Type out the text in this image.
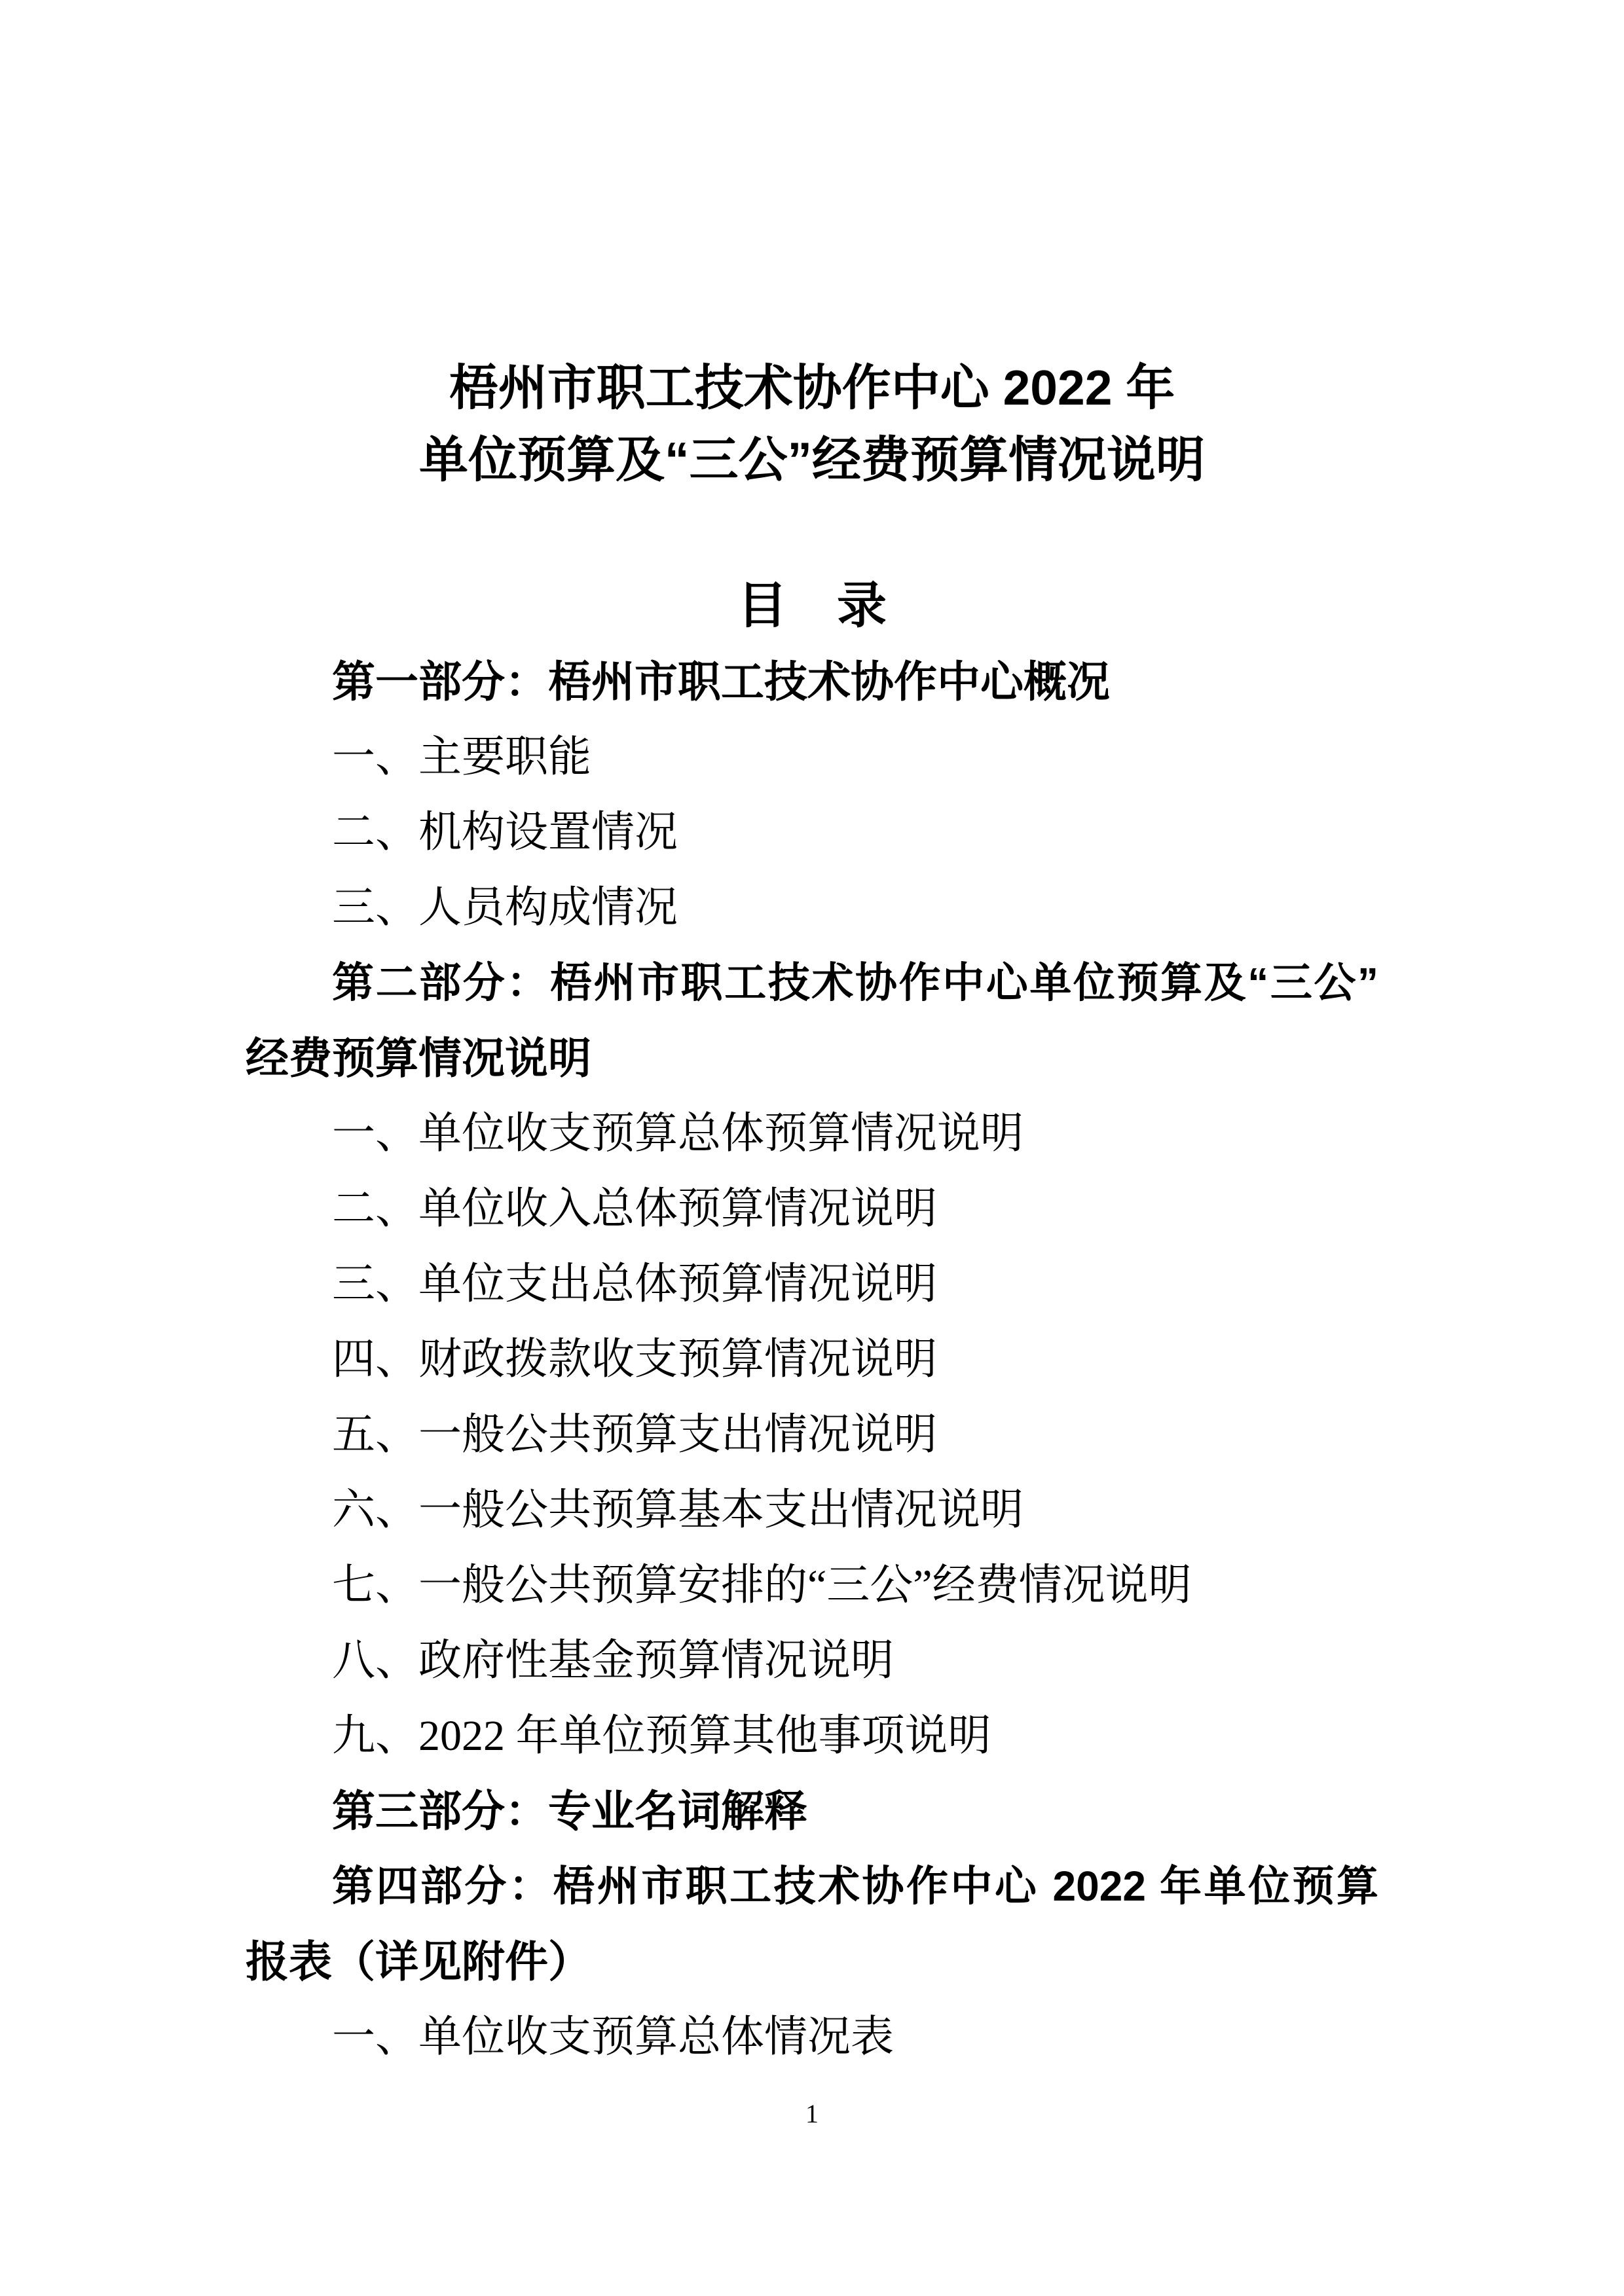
梧州市职工技术协作中心 2022 年
单位预算及“三公”经费预算情况说明
目　录
第一部分：梧州市职工技术协作中心概况
一、主要职能
二、机构设置情况
三、人员构成情况
第二部分：梧州市职工技术协作中心单位预算及“三公”
经费预算情况说明
一、单位收支预算总体预算情况说明
二、单位收入总体预算情况说明
三、单位支出总体预算情况说明
四、财政拨款收支预算情况说明
五、一般公共预算支出情况说明
六、一般公共预算基本支出情况说明
七、一般公共预算安排的“三公”经费情况说明
八、政府性基金预算情况说明
九、2022 年单位预算其他事项说明
第三部分：专业名词解释
第四部分：梧州市职工技术协作中心 2022 年单位预算
报表（详见附件）
一、单位收支预算总体情况表
1
